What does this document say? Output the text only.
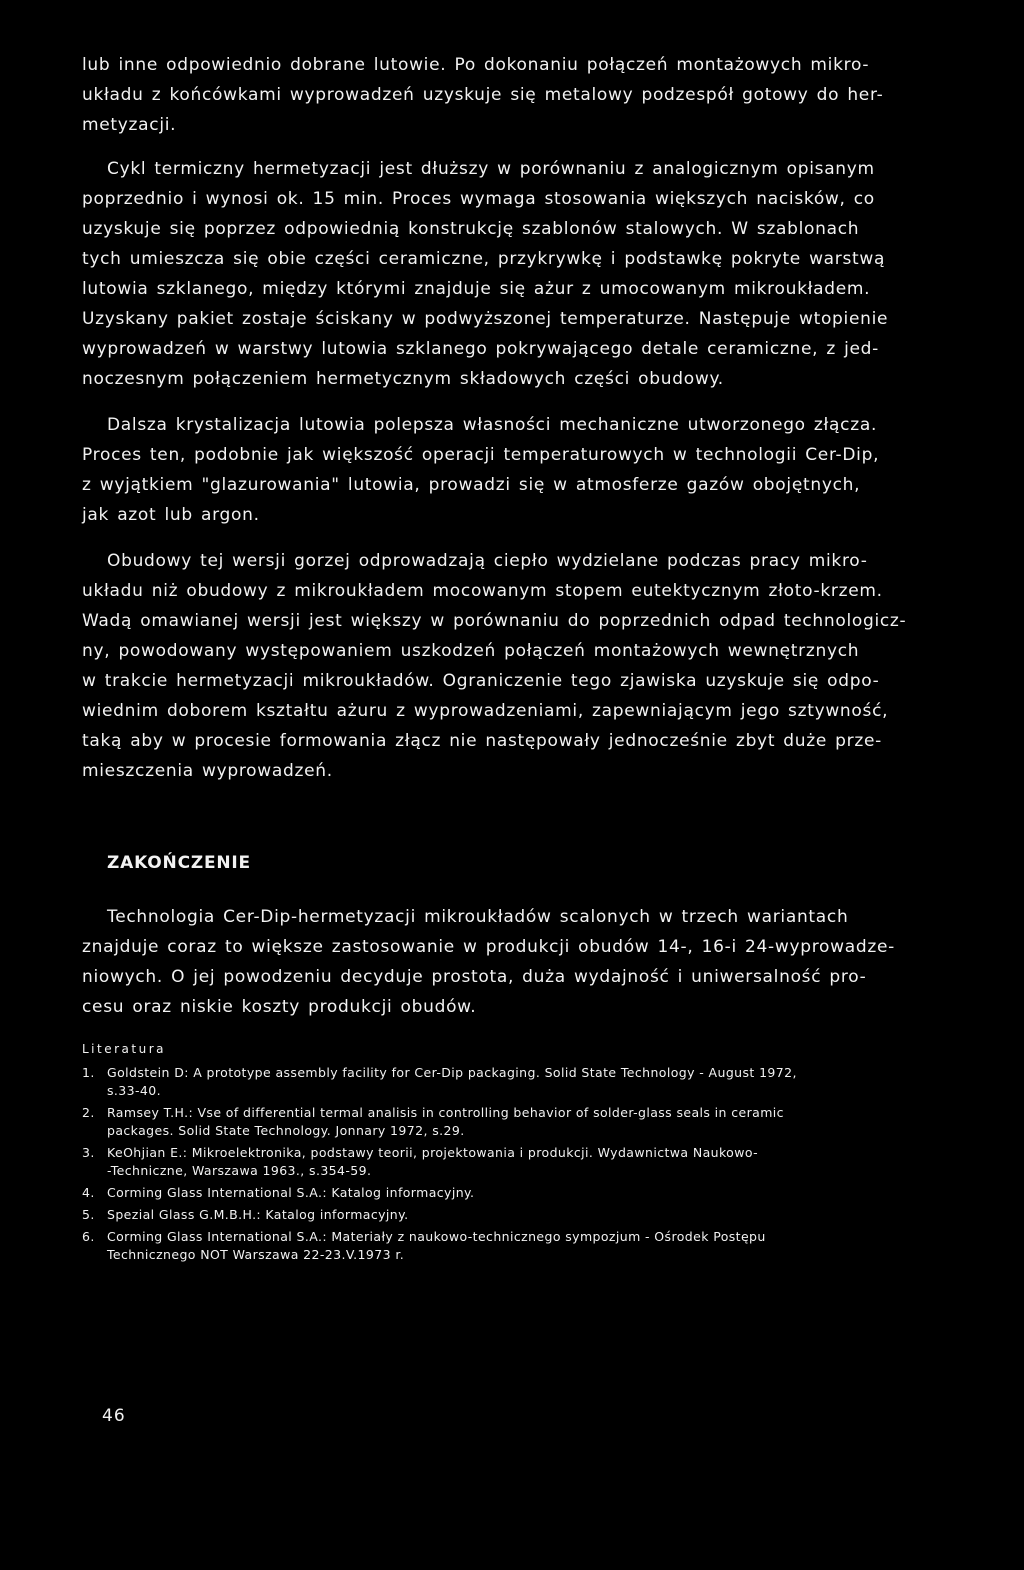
lub inne odpowiednio dobrane lutowie. Po dokonaniu połączeń montażowych mikro-
układu z końcówkami wyprowadzeń uzyskuje się metalowy podzespół gotowy do her-
metyzacji.

Cykl termiczny hermetyzacji jest dłuższy w porównaniu z analogicznym opisanym
poprzednio i wynosi ok. 15 min. Proces wymaga stosowania większych nacisków, co
uzyskuje się poprzez odpowiednią konstrukcję szablonów stalowych. W szablonach
tych umieszcza się obie części ceramiczne, przykrywkę i podstawkę pokryte warstwą
lutowia szklanego, między którymi znajduje się ażur z umocowanym mikroukładem.
Uzyskany pakiet zostaje ściskany w podwyższonej temperaturze. Następuje wtopienie
wyprowadzeń w warstwy lutowia szklanego pokrywającego detale ceramiczne, z jed-
noczesnym połączeniem hermetycznym składowych części obudowy.

Dalsza krystalizacja lutowia polepsza własności mechaniczne utworzonego złącza.
Proces ten, podobnie jak większość operacji temperaturowych w technologii Cer-Dip,
z wyjątkiem "glazurowania" lutowia, prowadzi się w atmosferze gazów obojętnych,
jak azot lub argon.

Obudowy tej wersji gorzej odprowadzają ciepło wydzielane podczas pracy mikro-
układu niż obudowy z mikroukładem mocowanym stopem eutektycznym złoto-krzem.
Wadą omawianej wersji jest większy w porównaniu do poprzednich odpad technologicz-
ny, powodowany występowaniem uszkodzeń połączeń montażowych wewnętrznych
w trakcie hermetyzacji mikroukładów. Ograniczenie tego zjawiska uzyskuje się odpo-
wiednim doborem kształtu ażuru z wyprowadzeniami, zapewniającym jego sztywność,
taką aby w procesie formowania złącz nie następowały jednocześnie zbyt duże prze-
mieszczenia wyprowadzeń.

ZAKOŃCZENIE

Technologia Cer-Dip-hermetyzacji mikroukładów scalonych w trzech wariantach
znajduje coraz to większe zastosowanie w produkcji obudów 14-, 16-i 24-wyprowadze-
niowych. O jej powodzeniu decyduje prostota, duża wydajność i uniwersalność pro-
cesu oraz niskie koszty produkcji obudów.

Literatura
1. Goldstein D: A prototype assembly facility for Cer-Dip packaging. Solid State Technology - August 1972,
s.33-40.
2. Ramsey T.H.: Vse of differential termal analisis in controlling behavior of solder-glass seals in ceramic
packages. Solid State Technology. Jonnary 1972, s.29.
3. KeOhjian E.: Mikroelektronika, podstawy teorii, projektowania i produkcji. Wydawnictwa Naukowo-
-Techniczne, Warszawa 1963., s.354-59.
4. Corming Glass International S.A.: Katalog informacyjny.
5. Spezial Glass G.M.B.H.: Katalog informacyjny.
6. Corming Glass International S.A.: Materiały z naukowo-technicznego sympozjum - Ośrodek Postępu
Technicznego NOT Warszawa 22-23.V.1973 r.
46
